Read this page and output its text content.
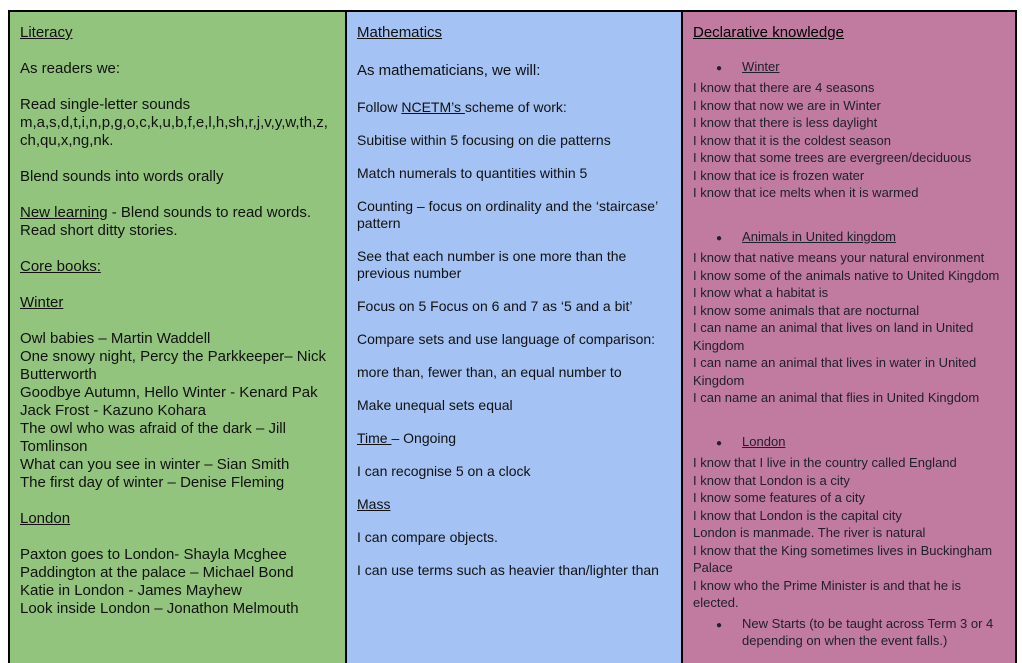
Literacy

As readers we:

Read single-letter sounds
m,a,s,d,t,i,n,p,g,o,c,k,u,b,f,e,l,h,sh,r,j,v,y,w,th,z,ch,qu,x,ng,nk.

Blend sounds into words orally

New learning - Blend sounds to read words. Read short ditty stories.

Core books:

Winter

Owl babies – Martin Waddell
One snowy night, Percy the Parkkeeper– Nick Butterworth
Goodbye Autumn, Hello Winter - Kenard Pak
Jack Frost - Kazuno Kohara
The owl who was afraid of the dark – Jill Tomlinson
What can you see in winter – Sian Smith
The first day of winter – Denise Fleming

London

Paxton goes to London- Shayla Mcghee
Paddington at the palace – Michael Bond
Katie in London - James Mayhew
Look inside London – Jonathon Melmouth
Mathematics

As mathematicians, we will:

Follow NCETM’s scheme of work:

Subitise within 5 focusing on die patterns
Match numerals to quantities within 5
Counting – focus on ordinality and the ‘staircase’ pattern
See that each number is one more than the previous number
Focus on 5 Focus on 6 and 7 as ‘5 and a bit’
Compare sets and use language of comparison:
more than, fewer than, an equal number to
Make unequal sets equal

Time – Ongoing

I can recognise 5 on a clock

Mass

I can compare objects.
I can use terms such as heavier than/lighter than
Declarative knowledge
● Winter
I know that there are 4 seasons
I know that now we are in Winter
I know that there is less daylight
I know that it is the coldest season
I know that some trees are evergreen/deciduous
I know that ice is frozen water
I know that ice melts when it is warmed
● Animals in United kingdom
I know that native means your natural environment
I know some of the animals native to United Kingdom
I know what a habitat is
I know some animals that are nocturnal
I can name an animal that lives on land in United Kingdom
I can name an animal that lives in water in United Kingdom
I can name an animal that flies in United Kingdom
● London
I know that I live in the country called England
I know that London is a city
I know some features of a city
I know that London is the capital city
London is manmade. The river is natural
I know that the King sometimes lives in Buckingham Palace
I know who the Prime Minister is and that he is elected.
● New Starts (to be taught across Term 3 or 4 depending on when the event falls.)
